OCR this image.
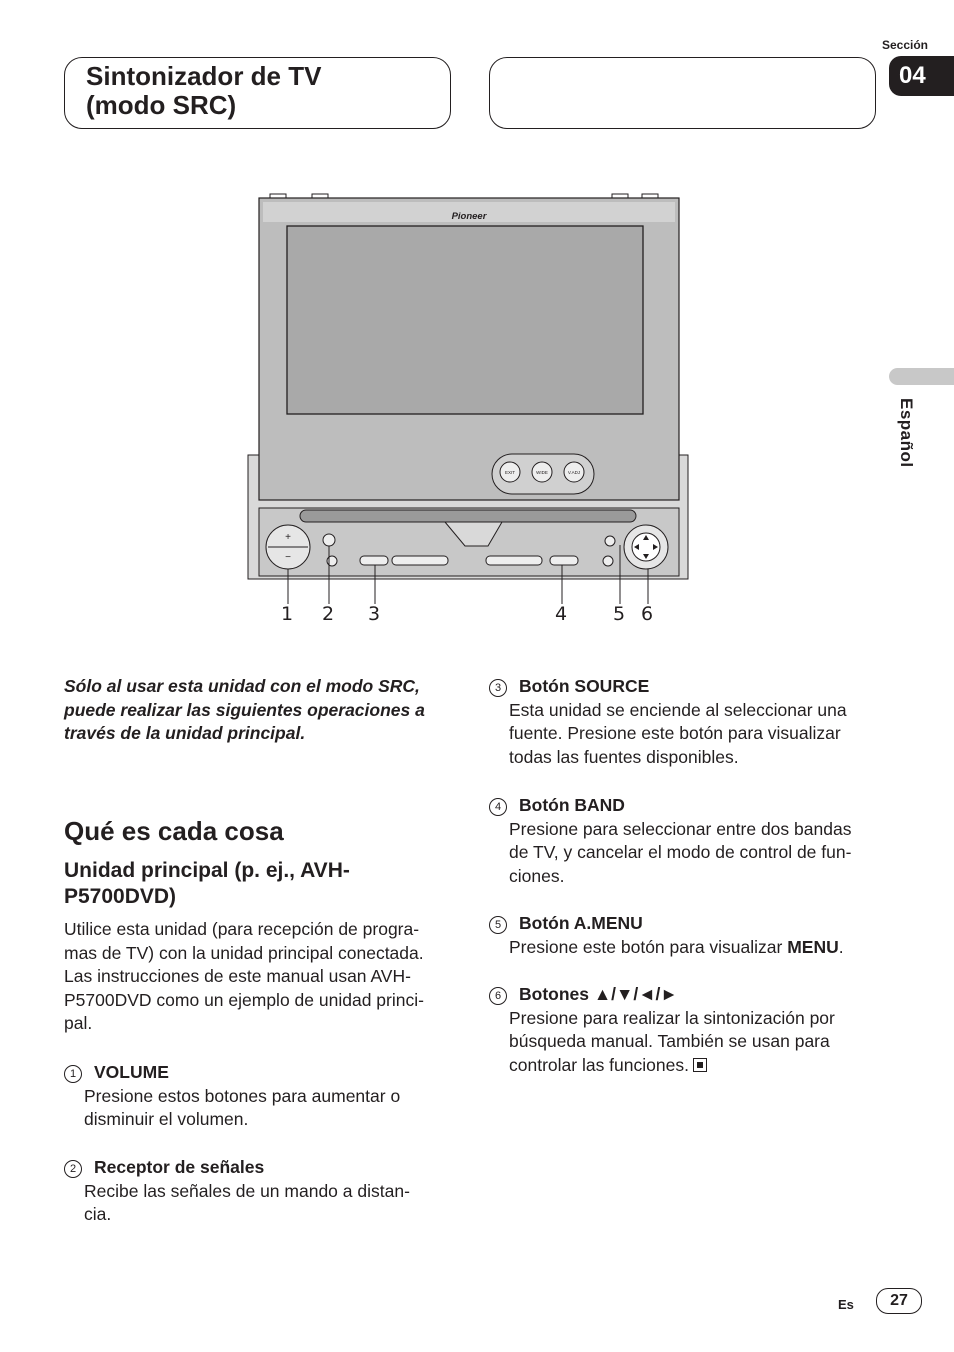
Sintonizador de TV
(modo SRC)
Sección
04
Español
Pioneer
EXIT	WIDE	V.ADJ
+
−
1 2 3	4 5 6
Sólo al usar esta unidad con el modo SRC,
puede realizar las siguientes operaciones a
través de la unidad principal.
Qué es cada cosa
Unidad principal (p. ej., AVH-P5700DVD)
Utilice esta unidad (para recepción de progra-
mas de TV) con la unidad principal conectada.
Las instrucciones de este manual usan AVH-
P5700DVD como un ejemplo de unidad princi-
pal.
1 VOLUME
Presione estos botones para aumentar o
disminuir el volumen.
2 Receptor de señales
Recibe las señales de un mando a distan-
cia.
3 Botón SOURCE
Esta unidad se enciende al seleccionar una
fuente. Presione este botón para visualizar
todas las fuentes disponibles.
4 Botón BAND
Presione para seleccionar entre dos bandas
de TV, y cancelar el modo de control de fun-
ciones.
5 Botón A.MENU
Presione este botón para visualizar MENU.
6 Botones ▲/▼/◄/►
Presione para realizar la sintonización por
búsqueda manual. También se usan para
controlar las funciones.
Es	27
